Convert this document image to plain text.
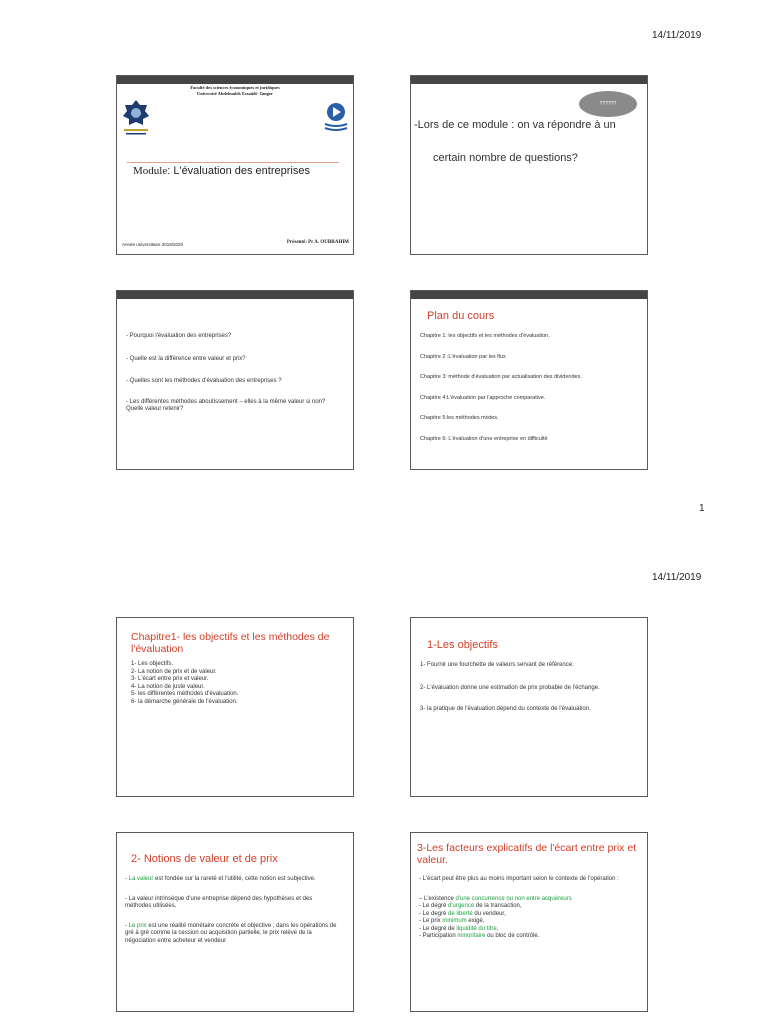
14/11/2019
Faculté des sciences économiques et juridiques
Université Abdelmalek Essaâdi- Tanger
Module: L'évaluation des entreprises
Année universitaire 2019/2020	Présenté: Pr A. OUBRAHIM
??????
-Lors de ce module : on va répondre à un
certain nombre de questions?
- Pourquoi l'évaluation des entreprises?
- Quelle est la différence entre valeur et prix?
- Quelles sont les méthodes d'évaluation des entreprises ?
- Les différentes méthodes aboutissement – elles à la même valeur si non? Quelle valeur retenir?
Plan du cours
Chapitre 1: les objectifs et les méthodes d'évaluation.
Chapitre 2 :L'évaluation par les flux
Chapitre 3: méthode d'évaluation par actualisation des dividendes.
Chapitre 4:L'évaluation par l'approche comparative.
Chapitre 5:les méthodes mixtes.
Chapitre 6: L'évaluation d'une entreprise en difficulté
1
14/11/2019
Chapitre1- les objectifs et les méthodes de l'évaluation
1- Les objectifs.
2- La notion de prix et de valeur.
3- L'écart entre prix et valeur.
4- La notion de juste valeur.
5- les différentes méthodes d'évaluation.
6- la démarche générale de l'évaluation.
1-Les objectifs
1- Fournir une fourchette de valeurs servant de référence.
2- L'évaluation donne une estimation de prix probable de l'échange.
3- la pratique de l'évaluation dépend du contexte de l'évaluation.
2- Notions de valeur et de prix
- La valeur est fondée sur la rareté et l'utilité, cette notion est subjective.
- La valeur intrinsèque d'une entreprise dépend des hypothèses et des méthodes utilisées.
- Le prix est une réalité monétaire concrète et objective ; dans les opérations de gré à gré comme la cession ou acquisition partielle, le prix relève de la négociation entre acheteur et vendeur
3-Les facteurs explicatifs de l'écart entre prix et valeur.
- L'écart peut être plus au moins important selon le contexte de l'opération :
– L'existence d'une concurrence ou non entre acquéreurs
- Le degré d'urgence de la transaction,
- Le degré de liberté du vendeur,
- Le prix minimum exigé,
- Le degré de liquidité du titre,
- Participation minoritaire ou bloc de contrôle.
